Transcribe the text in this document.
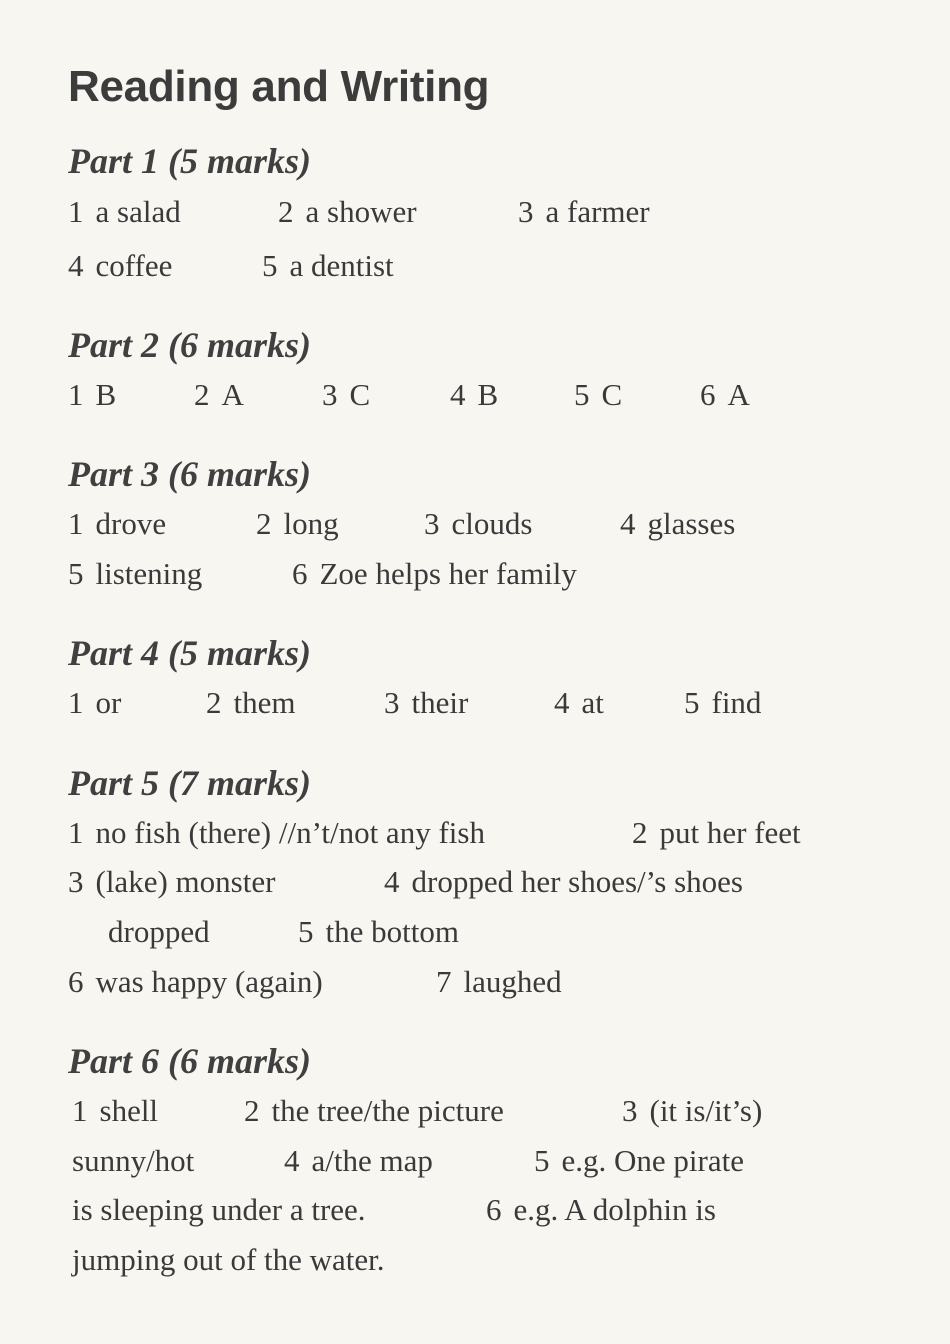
Reading and Writing
Part 1 (5 marks)
1 a salad	2 a shower	3 a farmer
4 coffee	5 a dentist
Part 2 (6 marks)
1 B	2 A	3 C	4 B 5 C	6 A
Part 3 (6 marks)
1 drove	2 long	3 clouds	4 glasses
5 listening	6 Zoe helps her family
Part 4 (5 marks)
1 or	2 them	3 their	4 at	5 find
Part 5 (7 marks)
1 no fish (there) //n’t/not any fish	2 put her feet
3 (lake) monster	4 dropped her shoes/’s shoes
dropped	5 the bottom
6 was happy (again)	7 laughed
Part 6 (6 marks)
1 shell	2 the tree/the picture	3 (it is/it’s)
sunny/hot	4 a/the map	5 e.g. One pirate
is sleeping under a tree.	6 e.g. A dolphin is
jumping out of the water.
